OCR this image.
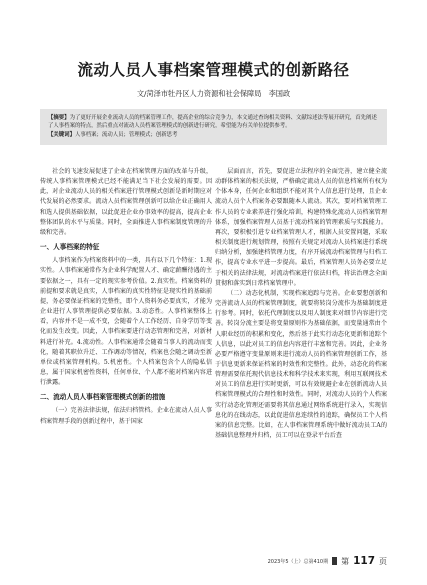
流动人员人事档案管理模式的创新路径
文/菏泽市牡丹区人力资源和社会保障局　李国政
【摘要】为了更好开展企业流动人员的档案管理工作，提高企业的综合竞争力，本文通过查询相关资料、文献综述法等展开研究，首先阐述了人事档案的特点，然后重点对流动人员档案管理模式的创新进行研究，希望能为有关单位提供参考。
【关键词】人事档案；流动人员；管理模式；创新思考

社会的飞速发展促进了企业在档案管理方面的改革与升级，传统人事档案管理模式已经不能满足当下社会发展的需要。因此，对企业流动人员的相关档案进行管理模式创新是新时期应对代发展的必然要求。流动人员档案管理创新可以给企业正确用人和选人提供基础依据，以此促进企业办事效率的提高，提高企业整体团队的水平与质量。同时，全面推进人事档案制度管理的升级和完善。

一、人事档案的特征

人事档案作为档案资料中的一类，具有以下几个特征：1.现实性。人事档案通常作为企业科学配置人才、确定薪酬待遇的主要依据之一，具有一定的现实参考价值。2.真实性。档案资料的前提和要求就是真实，人事档案的真实性特征是现实性的基础前提，务必要保证档案的完整性，即个人资料务必要真实，才能为企业进行人事管理提供必要依据。3.动态性。人事档案整体上看，内容并不是一成不变，会随着个人工作经历、自身学历等变化而发生改变。因此，人事档案要进行动态管理和完善，对新材料进行补充。4.流动性。人事档案通常会随着当事人的流动而变化，随着其职位升迁、工作调动等情况，档案也会随之调动至新单位或档案管理机构。5.机密性。个人档案包含个人的隐私信息，属于国家机密性资料，任何单位、个人都不能对档案内容进行泄露。

二、流动人员人事档案管理模式创新的措施

（一）完善法律法规，依法归档管档。企业在流动人员人事档案管理手段的创新过程中，基于国家

层面而言，首先，要促进立法程序的全面完善，建立健全流动群体档案的相关法规，严格确定流动人员的信息档案所有权为个体本身，任何企业和组织不能对其个人信息进行处理，且企业流动人员个人档案务必要跟随本人流动。其次，要对档案管理工作人员的专业素养进行强化培训，构建特殊化流动人员档案管理体系，加强档案管理人员基于流动档案的管理素质与实践能力。再次，要积极引进专业档案管理人才，根据人员安置问题，采取相关制度进行规划管理，按照有关规定对流动人员档案进行系统归纳分析，加强建档管理力度，有序开展流动档案管理与归档工作，提高专业水平进一步提高。最后，档案管理人员务必要立足于相关的法律法规，对流动档案进行依法归档，将法治理念全面贯彻和落实到日常档案管理中。

（二）动态化机制，实现档案追踪与完善。企业要想创新和完善流动人员的档案管理制度，就要将转岗分流作为基础制度进行参考。同时，依托代理制度以及用人制度来对细节内容进行完善。转岗分流主要是将变量原则作为基础依据，而变量通常由个人职业经历的积累和变化，然后基于此实行动态化更新和追踪个人信息，以此对员工的信息内容进行丰富和完善。因此，企业务必要严格遵守变量原则来进行流动人员的档案管理创新工作，基于信息更新来保证档案的时效性和完整性。此外，动态化的档案管理需要依托现代信息技术和科学技术来实现，利用互联网技术对员工的信息进行实时更新，可以有效规避企业在创新流动人员档案管理模式的合理性和时效性。同时，对流动人员的个人档案实行动态化管理还需要将其信息通过网络系统进行录入，实现信息化的在线动态，以此促进信息连续性的追踪，确保员工个人档案的信息完整。比如，在人事档案管理系统中做好流动员工A的基础信息整理并归档，员工可以在登录平台后查

2023年5（上）总第410期 第 117 页
